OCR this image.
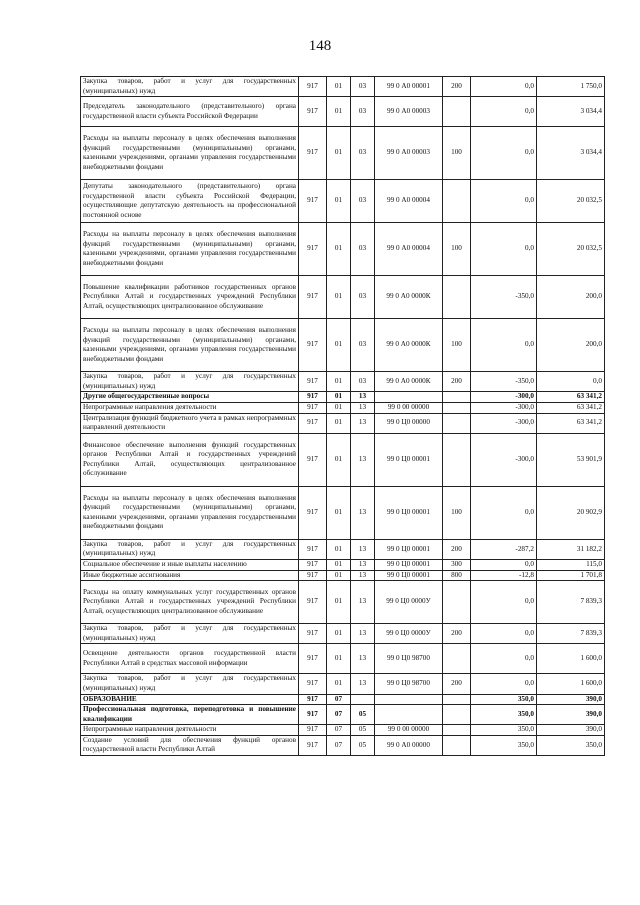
148
Закупка товаров, работ и услуг для государственных (муниципальных) нужд	917	01	03	99 0 А0 00001	200	0,0	1 750,0
Председатель законодательного (представительного) органа государственной власти субъекта Российской Федерации	917	01	03	99 0 А0 00003		0,0	3 034,4
Расходы на выплаты персоналу в целях обеспечения выполнения функций государственными (муниципальными) органами, казенными учреждениями, органами управления государственными внебюджетными фондами	917	01	03	99 0 А0 00003	100	0,0	3 034,4
Депутаты законодательного (представительного) органа государственной власти субъекта Российской Федерации, осуществляющие депутатскую деятельность на профессиональной постоянной основе	917	01	03	99 0 А0 00004		0,0	20 032,5
Расходы на выплаты персоналу в целях обеспечения выполнения функций государственными (муниципальными) органами, казенными учреждениями, органами управления государственными внебюджетными фондами	917	01	03	99 0 А0 00004	100	0,0	20 032,5
Повышение квалификации работников государственных органов Республики Алтай и государственных учреждений Республики Алтай, осуществляющих централизованное обслуживание	917	01	03	99 0 А0 0000К		-350,0	200,0
Расходы на выплаты персоналу в целях обеспечения выполнения функций государственными (муниципальными) органами, казенными учреждениями, органами управления государственными внебюджетными фондами	917	01	03	99 0 А0 0000К	100	0,0	200,0
Закупка товаров, работ и услуг для государственных (муниципальных) нужд	917	01	03	99 0 А0 0000К	200	-350,0	0,0
Другие общегосударственные вопросы	917	01	13			-300,0	63 341,2
Непрограммные направления деятельности	917	01	13	99 0 00 00000		-300,0	63 341,2
Централизация функций бюджетного учета в рамках непрограммных направлений деятельности	917	01	13	99 0 Ц0 00000		-300,0	63 341,2
Финансовое обеспечение выполнения функций государственных органов Республики Алтай и государственных учреждений Республики Алтай, осуществляющих централизованное обслуживание	917	01	13	99 0 Ц0 00001		-300,0	53 901,9
Расходы на выплаты персоналу в целях обеспечения выполнения функций государственными (муниципальными) органами, казенными учреждениями, органами управления государственными внебюджетными фондами	917	01	13	99 0 Ц0 00001	100	0,0	20 902,9
Закупка товаров, работ и услуг для государственных (муниципальных) нужд	917	01	13	99 0 Ц0 00001	200	-287,2	31 182,2
Социальное обеспечение и иные выплаты населению	917	01	13	99 0 Ц0 00001	300	0,0	115,0
Иные бюджетные ассигнования	917	01	13	99 0 Ц0 00001	800	-12,8	1 701,8
Расходы на оплату коммунальных услуг государственных органов Республики Алтай и государственных учреждений Республики Алтай, осуществляющих централизованное обслуживание	917	01	13	99 0 Ц0 0000У		0,0	7 839,3
Закупка товаров, работ и услуг для государственных (муниципальных) нужд	917	01	13	99 0 Ц0 0000У	200	0,0	7 839,3
Освещение деятельности органов государственной власти Республики Алтай в средствах массовой информации	917	01	13	99 0 Ц0 98700		0,0	1 600,0
Закупка товаров, работ и услуг для государственных (муниципальных) нужд	917	01	13	99 0 Ц0 98700	200	0,0	1 600,0
ОБРАЗОВАНИЕ	917	07				350,0	390,0
Профессиональная подготовка, переподготовка и повышение квалификации	917	07	05			350,0	390,0
Непрограммные направления деятельности	917	07	05	99 0 00 00000		350,0	390,0
Создание условий для обеспечения функций органов государственной власти Республики Алтай	917	07	05	99 0 А0 00000		350,0	350,0
